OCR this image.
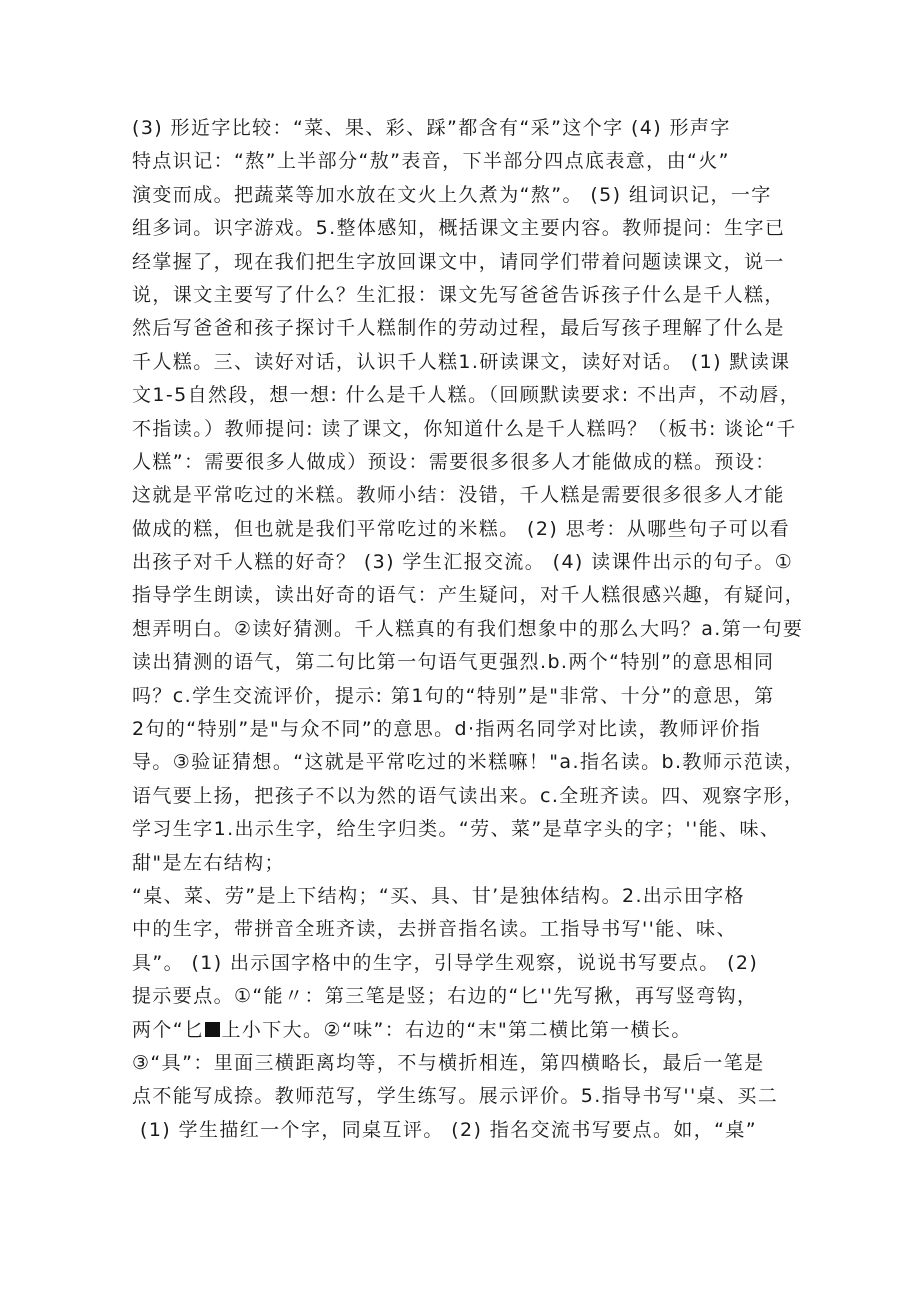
(3) 形近字比较：“菜、果、彩、踩”都含有“采”这个字 (4) 形声字
特点识记：“熬”上半部分“敖”表音，下半部分四点底表意，由“火”
演变而成。把蔬菜等加水放在文火上久煮为“熬”。 (5) 组词识记，一字
组多词。识字游戏。5.整体感知，概括课文主要内容。教师提问：生字已
经掌握了，现在我们把生字放回课文中，请同学们带着问题读课文，说一
说，课文主要写了什么？生汇报：课文先写爸爸告诉孩子什么是千人糕，
然后写爸爸和孩子探讨千人糕制作的劳动过程，最后写孩子理解了什么是
千人糕。三、读好对话，认识千人糕1.研读课文，读好对话。 (1) 默读课
文1-5自然段，想一想: 什么是千人糕。（回顾默读要求: 不出声，不动唇，
不指读。）教师提问: 读了课文，你知道什么是千人糕吗？（板书: 谈论“千
人糕”：需要很多人做成）预设：需要很多很多人才能做成的糕。预设：
这就是平常吃过的米糕。教师小结：没错，千人糕是需要很多很多人才能
做成的糕，但也就是我们平常吃过的米糕。 (2) 思考：从哪些句子可以看
出孩子对千人糕的好奇？ (3) 学生汇报交流。 (4) 读课件出示的句子。①
指导学生朗读，读出好奇的语气：产生疑问，对千人糕很感兴趣，有疑问，
想弄明白。②读好猜测。千人糕真的有我们想象中的那么大吗？a.第一句要
读出猜测的语气，第二句比第一句语气更强烈.b.两个“特别”的意思相同
吗？c.学生交流评价，提示: 第1句的“特别”是"非常、十分”的意思，第
2句的“特别”是"与众不同”的意思。d·指两名同学对比读，教师评价指
导。③验证猜想。“这就是平常吃过的米糕嘛！"a.指名读。b.教师示范读，
语气要上扬，把孩子不以为然的语气读出来。c.全班齐读。四、观察字形，
学习生字1.出示生字，给生字归类。“劳、菜”是草字头的字；''能、味、
甜"是左右结构；
“桌、菜、劳”是上下结构；“买、具、甘’是独体结构。2.出示田字格
中的生字，带拼音全班齐读，去拼音指名读。工指导书写''能、味、
具”。 (1) 出示国字格中的生字，引导学生观察，说说书写要点。 (2)
提示要点。①“能〃：第三笔是竖；右边的“匕''先写揪，再写竖弯钩，
两个“匕 上小下大。②“味”：右边的“末"第二横比第一横长。
③“具”：里面三横距离均等，不与横折相连，第四横略长，最后一笔是
点不能写成捺。教师范写，学生练写。展示评价。5.指导书写''桌、买二
(1) 学生描红一个字，同桌互评。 (2) 指名交流书写要点。如，“桌”
